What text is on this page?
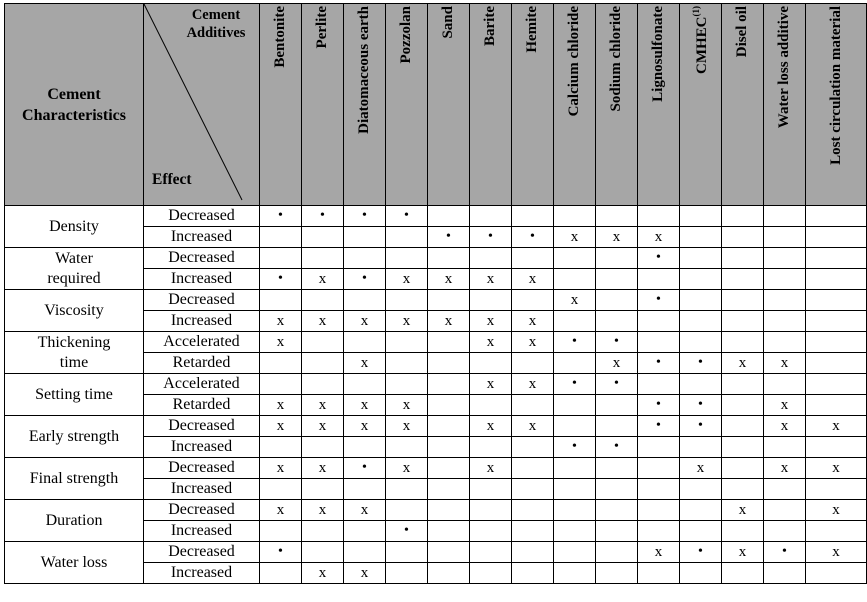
Cement Characteristics	Cement Additives
Effect	Bentonite	Perlite	Diatomaceous earth	Pozzolan	Sand	Barite	Hemite	Calcium chloride	Sodium chloride	Lignosulfonate	CMHEC$^{(1)}$	Disel oil	Water loss additive	Lost circulation material

Density	Decreased	•	•	•	•										
	Increased					•	•	•	x	x	x				
Water required	Decreased										•				
	Increased	•	x	•	x	x	x	x							
Viscosity	Decreased								x		•				
	Increased	x	x	x	x	x	x	x							
Thickening time	Accelerated	x					x	x	•	•					
	Retarded			x						x	•	•	x	x	
Setting time	Accelerated						x	x	•	•					
	Retarded	x	x	x	x						•	•		x	
Early strength	Decreased	x	x	x	x		x	x			•	•		x	x
	Increased								•	•					
Final strength	Decreased	x	x	•	x		x					x		x	x
	Increased														
Duration	Decreased	x	x	x									x		x
	Increased				•										
Water loss	Decreased	•									x	•	x	•	x
	Increased		x	x											
